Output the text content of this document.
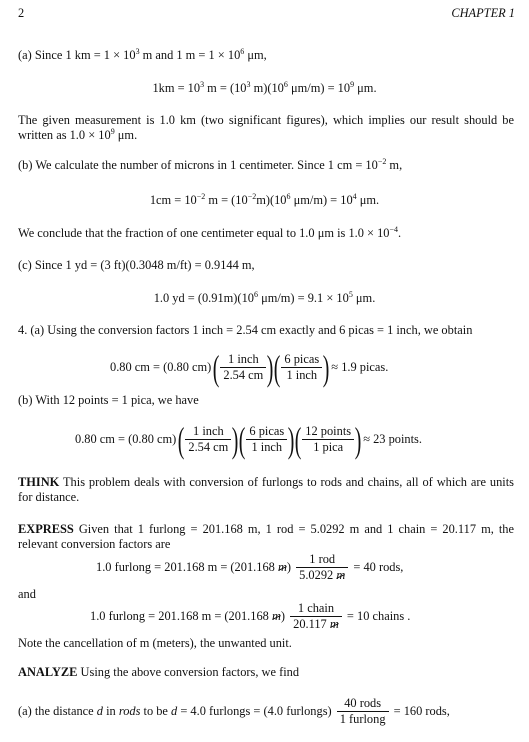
2	CHAPTER 1
(a) Since 1 km = $1 \times 10^3$ m and 1 $m = 1 \times 10^6$ μm,
$1km = 10^3$ $m = (10^3$ $m)(10^6$ $\mu m/m) = 10^9$ μm.
The given measurement is 1.0 km (two significant figures), which implies our result should be written as $1.0 \times 10^9$ μm.
(b) We calculate the number of microns in 1 centimeter. Since 1 cm = $10^{-2}$ m,
$1cm = 10^{-2}$ $m = (10^{-2}m)(10^6$ $\mu m/m) = 10^4$ μm.
We conclude that the fraction of one centimeter equal to 1.0 μm is $1.0 \times 10^{-4}$.
(c) Since 1 yd = (3 ft)(0.3048 m/ft) = 0.9144 m,
1.0 yd = $(0.91m)(10^6$ $\mu m/m) = 9.1 \times 10^5$ μm.
4. (a) Using the conversion factors 1 inch = 2.54 cm exactly and 6 picas = 1 inch, we obtain
0.80 cm = (0.80 cm) ( $\frac{\text{1 inch}}{2.54 cm}$ ) ( $\frac{\text{6 picas}}{\text{1 inch}}$ ) ≈ 1.9 picas.
(b) With 12 points = 1 pica, we have
0.80 cm = (0.80 cm) ( $\frac{\text{1 inch}}{2.54 cm}$ ) ( $\frac{\text{6 picas}}{\text{1 inch}}$ ) ( $\frac{\text{12 points}}{\text{1 pica}}$ ) ≈ 23 points.
THINK This problem deals with conversion of furlongs to rods and chains, all of which are units for distance.
EXPRESS Given that 1 furlong = 201.168 m, 1 rod = 5.0292 m and 1 chain = 20.117 m, the relevant conversion factors are
1.0 furlong = 201.168 m = (201.168 $m) \frac{\text{1 rod}}{5.0292 m} = 40$ rods,
and
1.0 furlong = 201.168 m = (201.168 $m) \frac{\text{1 chain}}{20.117 m} = 10$ chains .
Note the cancellation of m (meters), the unwanted unit.
ANALYZE Using the above conversion factors, we find
(a) the distance d in rods to be d = 4.0 furlongs = (4.0 furlongs) $\frac{\text{40 rods}}{\text{1 furlong}} = 160$ rods,
